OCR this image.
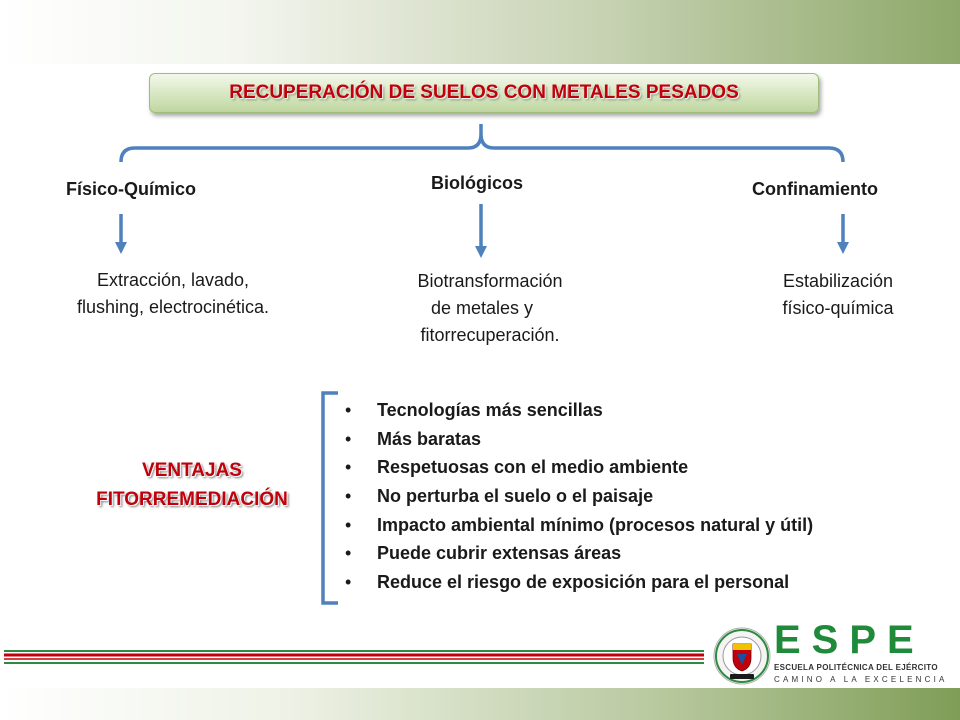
RECUPERACIÓN DE SUELOS CON METALES PESADOS
Físico-Químico	Biológicos	Confinamiento
Extracción, lavado,
flushing, electrocinética.
Biotransformación
de metales y
fitorrecuperación.
Estabilización
físico-química
VENTAJAS
FITORREMEDIACIÓN
• Tecnologías más sencillas
• Más baratas
• Respetuosas con el medio ambiente
• No perturba el suelo o el paisaje
• Impacto ambiental mínimo (procesos natural y útil)
• Puede cubrir extensas áreas
• Reduce el riesgo de exposición para el personal
ESPE
ESCUELA POLITÉCNICA DEL EJÉRCITO
CAMINO A LA EXCELENCIA
